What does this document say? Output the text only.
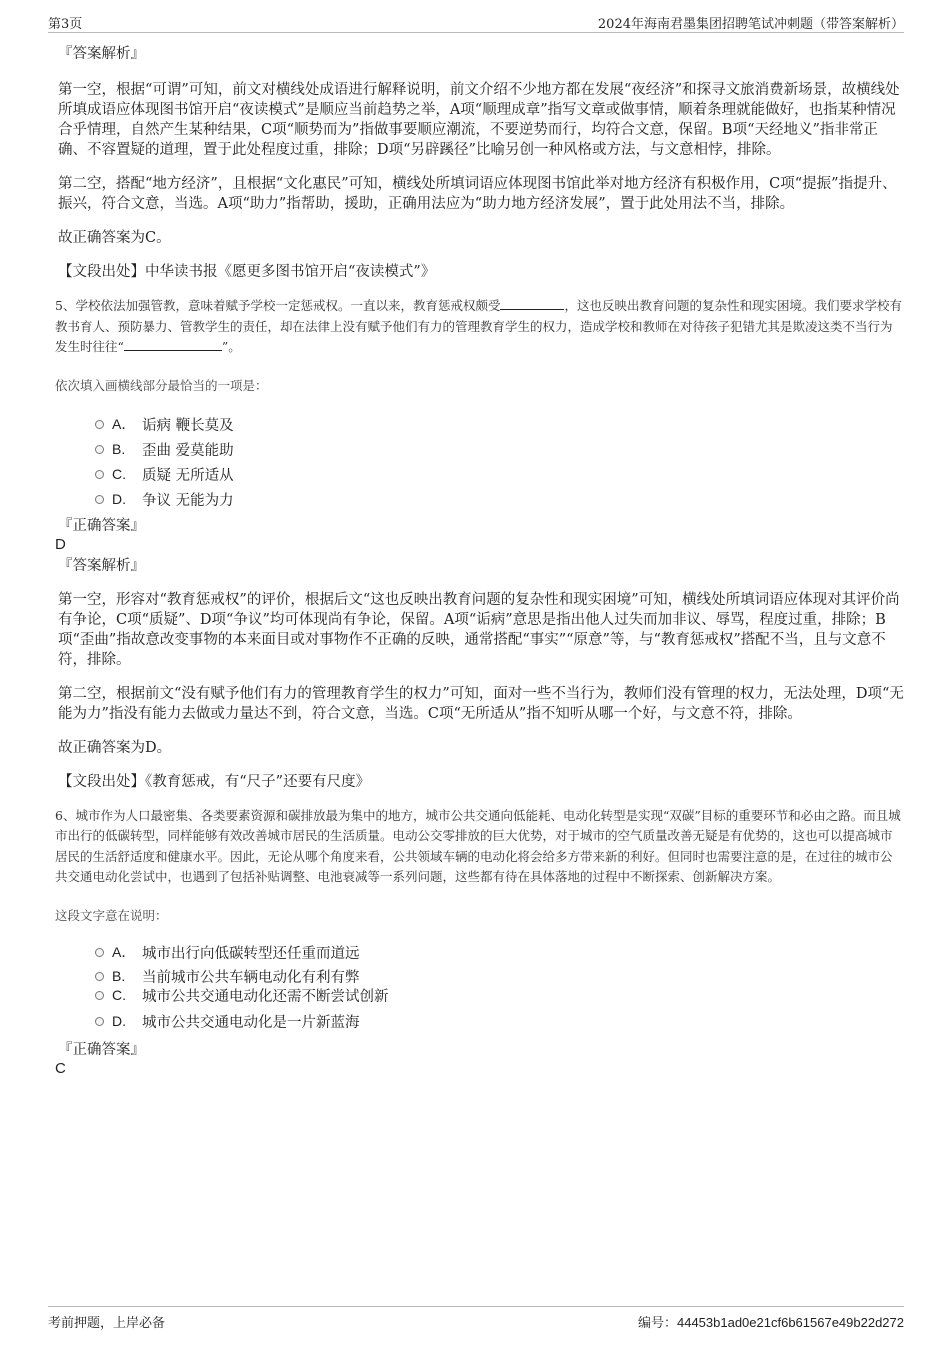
第3页	2024年海南君墨集团招聘笔试冲刺题（带答案解析）
『答案解析』

第一空，根据“可谓”可知，前文对横线处成语进行解释说明，前文介绍不少地方都在发展“夜经济”和探寻文旅消费新场景，故横线处所填成语应体现图书馆开启“夜读模式”是顺应当前趋势之举，A项“顺理成章”指写文章或做事情，顺着条理就能做好，也指某种情况合乎情理，自然产生某种结果，C项“顺势而为”指做事要顺应潮流，不要逆势而行，均符合文意，保留。B项“天经地义”指非常正确、不容置疑的道理，置于此处程度过重，排除；D项“另辟蹊径”比喻另创一种风格或方法，与文意相悖，排除。

第二空，搭配“地方经济”，且根据“文化惠民”可知，横线处所填词语应体现图书馆此举对地方经济有积极作用，C项“提振”指提升、振兴，符合文意，当选。A项“助力”指帮助，援助，正确用法应为“助力地方经济发展”，置于此处用法不当，排除。

故正确答案为C。

【文段出处】中华读书报《愿更多图书馆开启“夜读模式”》

5、学校依法加强管教，意味着赋予学校一定惩戒权。一直以来，教育惩戒权颇受	，这也反映出教育问题的复杂性和现实困境。我们要求学校有教书育人、预防暴力、管教学生的责任，却在法律上没有赋予他们有力的管理教育学生的权力，造成学校和教师在对待孩子犯错尤其是欺凌这类不当行为发生时往往“	”。
依次填入画横线部分最恰当的一项是：
A． 诟病 鞭长莫及
B.	歪曲 爱莫能助
C.	质疑 无所适从
D.	争议 无能为力
『正确答案』
D
『答案解析』

第一空，形容对“教育惩戒权”的评价，根据后文“这也反映出教育问题的复杂性和现实困境”可知，横线处所填词语应体现对其评价尚有争论，C项“质疑”、D项“争议”均可体现尚有争论，保留。A项“诟病”意思是指出他人过失而加非议、辱骂，程度过重，排除；B项“歪曲”指故意改变事物的本来面目或对事物作不正确的反映，通常搭配“事实”“原意”等，与“教育惩戒权”搭配不当，且与文意不符，排除。

第二空，根据前文“没有赋予他们有力的管理教育学生的权力”可知，面对一些不当行为，教师们没有管理的权力，无法处理，D项“无能为力”指没有能力去做或力量达不到，符合文意，当选。C项“无所适从”指不知听从哪一个好，与文意不符，排除。

故正确答案为D。

【文段出处】《教育惩戒，有“尺子”还要有尺度》

6、城市作为人口最密集、各类要素资源和碳排放最为集中的地方，城市公共交通向低能耗、电动化转型是实现“双碳”目标的重要环节和必由之路。而且城市出行的低碳转型，同样能够有效改善城市居民的生活质量。电动公交零排放的巨大优势，对于城市的空气质量改善无疑是有优势的，这也可以提高城市居民的生活舒适度和健康水平。因此，无论从哪个角度来看，公共领域车辆的电动化将会给多方带来新的利好。但同时也需要注意的是，在过往的城市公共交通电动化尝试中，也遇到了包括补贴调整、电池衰减等一系列问题，这些都有待在具体落地的过程中不断探索、创新解决方案。
这段文字意在说明：
A． 城市出行向低碳转型还任重而道远
B.	当前城市公共车辆电动化有利有弊
C.	城市公共交通电动化还需不断尝试创新
D.	城市公共交通电动化是一片新蓝海
『正确答案』
C
考前押题，上岸必备	编号：44453b1ad0e21cf6b61567e49b22d272
